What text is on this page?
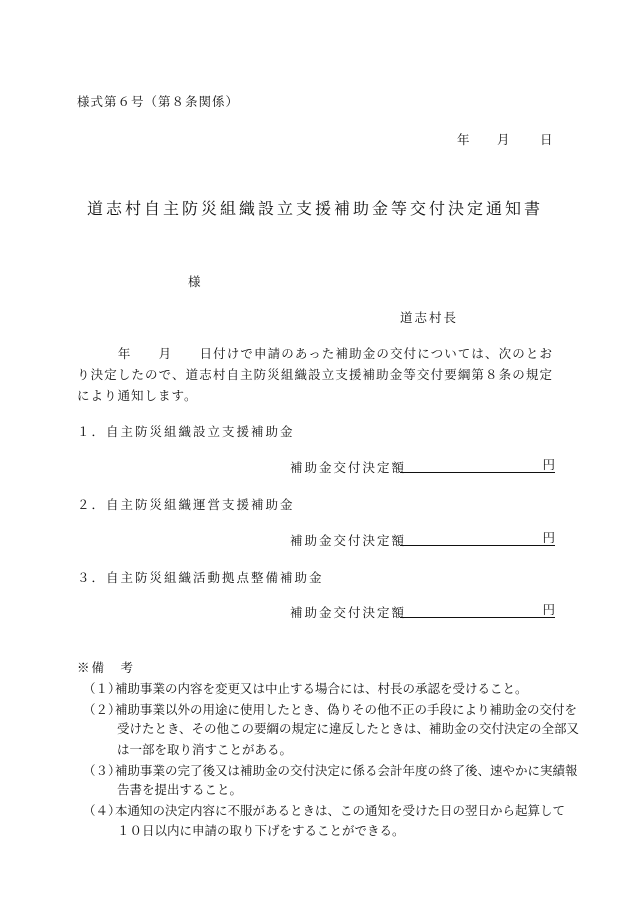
様式第６号（第８条関係）
年 月 日
道志村自主防災組織設立支援補助金等交付決定通知書
様
道志村長
　　　年　　月　　日付けで申請のあった補助金の交付については、次のとおり決定したので、道志村自主防災組織設立支援補助金等交付要綱第８条の規定により通知します。
１．自主防災組織設立支援補助金
補助金交付決定額	円
２．自主防災組織運営支援補助金
補助金交付決定額	円
３．自主防災組織活動拠点整備補助金
補助金交付決定額	円
※備　考
（１）補助事業の内容を変更又は中止する場合には、村長の承認を受けること。
（２）補助事業以外の用途に使用したとき、偽りその他不正の手段により補助金の交付を
受けたとき、その他この要綱の規定に違反したときは、補助金の交付決定の全部又
は一部を取り消すことがある。
（３）補助事業の完了後又は補助金の交付決定に係る会計年度の終了後、速やかに実績報
告書を提出すること。
（４）本通知の決定内容に不服があるときは、この通知を受けた日の翌日から起算して
１０日以内に申請の取り下げをすることができる。
